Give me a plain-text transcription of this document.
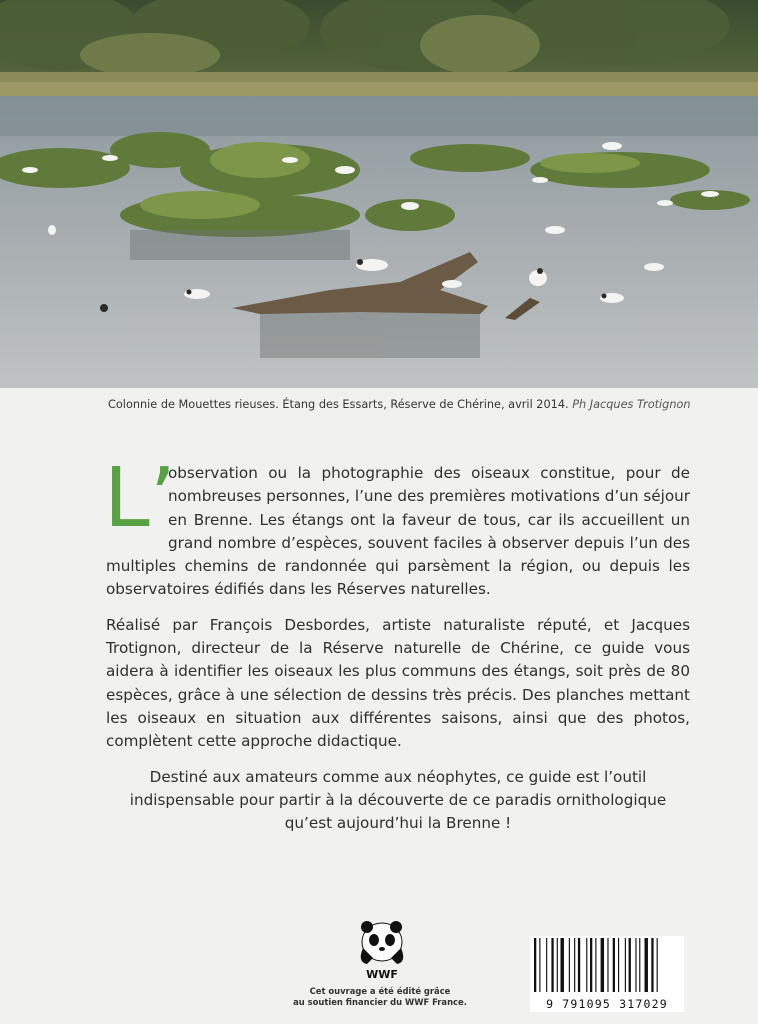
Colonnie de Mouettes rieuses. Étang des Essarts, Réserve de Chérine, avril 2014. Ph Jacques Trotignon

L’
observation ou la photographie des oiseaux constitue, pour de nombreuses personnes, l’une des premières motivations d’un séjour en Brenne. Les étangs ont la faveur de tous, car ils accueillent un grand nombre d’espèces, souvent faciles à observer depuis l’un des multiples chemins de randonnée qui parsèment la région, ou depuis les observatoires édifiés dans les Réserves naturelles.

Réalisé par François Desbordes, artiste naturaliste réputé, et Jacques Trotignon, directeur de la Réserve naturelle de Chérine, ce guide vous aidera à identifier les oiseaux les plus communs des étangs, soit près de 80 espèces, grâce à une sélection de dessins très précis. Des planches mettant les oiseaux en situation aux différentes saisons, ainsi que des photos, complètent cette approche didactique.

Destiné aux amateurs comme aux néophytes, ce guide est l’outil indispensable pour partir à la découverte de ce paradis ornithologique qu’est aujourd’hui la Brenne !

WWF
Cet ouvrage a été édité grâce
au soutien financier du WWF France.	9 791095 317029
